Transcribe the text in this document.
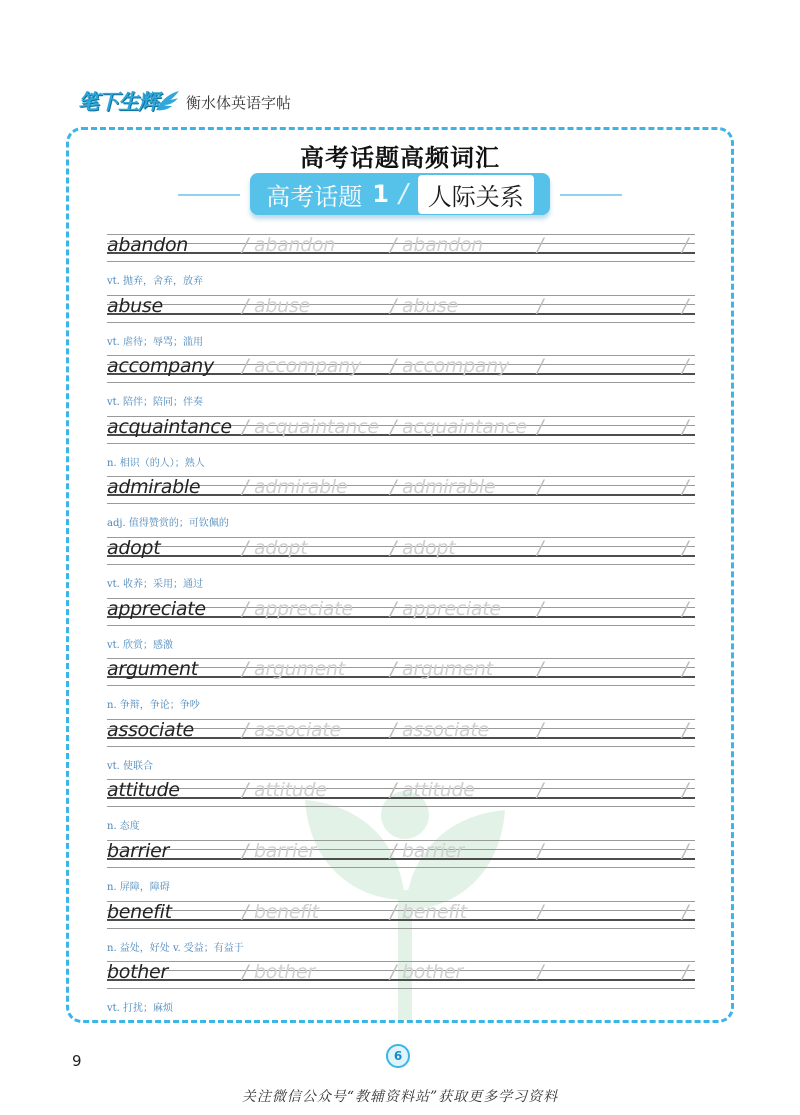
笔下生辉 衡水体英语字帖
高考话题高频词汇
高考话题 1 / 人际关系
abandon	/ abandon	/ abandon	/	/
vt. 抛弃，舍弃，放弃
abuse	/ abuse	/ abuse	/	/
vt. 虐待；辱骂；滥用
accompany / accompany / accompany /	/
vt. 陪伴；陪同；伴奏
acquaintance / acquaintance / acquaintance /	/
n. 相识（的人）；熟人
admirable / admirable / admirable /	/
adj. 值得赞赏的；可钦佩的
adopt	/ adopt	/ adopt	/	/
vt. 收养；采用；通过
appreciate / appreciate / appreciate /	/
vt. 欣赏；感激
argument / argument / argument /	/
n. 争辩，争论；争吵
associate	/ associate	/ associate	/	/
vt. 使联合
attitude	/ attitude	/ attitude	/	/
n. 态度
barrier	/ barrier	/ barrier	/	/
n. 屏障，障碍
benefit	/ benefit	/ benefit	/	/
n. 益处，好处 v. 受益；有益于
bother	/ bother	/ bother	/	/
vt. 打扰；麻烦
9	6
关注微信公众号“教辅资料站”获取更多学习资料
